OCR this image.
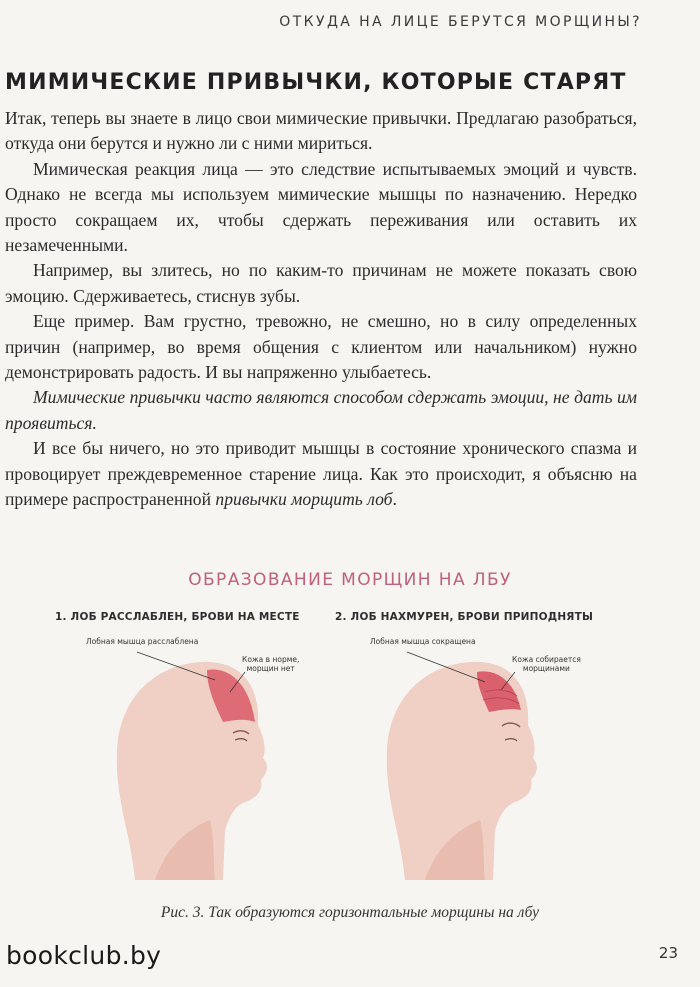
ОТКУДА НА ЛИЦЕ БЕРУТСЯ МОРЩИНЫ?
МИМИЧЕСКИЕ ПРИВЫЧКИ, КОТОРЫЕ СТАРЯТ

Итак, теперь вы знаете в лицо свои мимические привычки. Предлагаю разобраться, откуда они берутся и нужно ли с ними мириться.

Мимическая реакция лица — это следствие испытываемых эмоций и чувств. Однако не всегда мы используем мимические мышцы по назначению. Нередко просто сокращаем их, чтобы сдержать переживания или оставить их незамеченными.

Например, вы злитесь, но по каким-то причинам не можете показать свою эмоцию. Сдерживаетесь, стиснув зубы.

Еще пример. Вам грустно, тревожно, не смешно, но в силу определенных причин (например, во время общения с клиентом или начальником) нужно демонстрировать радость. И вы напряженно улыбаетесь.

Мимические привычки часто являются способом сдержать эмоции, не дать им проявиться.

И все бы ничего, но это приводит мышцы в состояние хронического спазма и провоцирует преждевременное старение лица. Как это происходит, я объясню на примере распространенной привычки морщить лоб.

ОБРАЗОВАНИЕ МОРЩИН НА ЛБУ
1. ЛОБ РАССЛАБЛЕН, БРОВИ НА МЕСТЕ
Лобная мышца расслаблена
Кожа в норме,
морщин нет
2. ЛОБ НАХМУРЕН, БРОВИ ПРИПОДНЯТЫ
Лобная мышца сокращена
Кожа собирается
морщинами
Рис. 3. Так образуются горизонтальные морщины на лбу
bookclub.by	23
